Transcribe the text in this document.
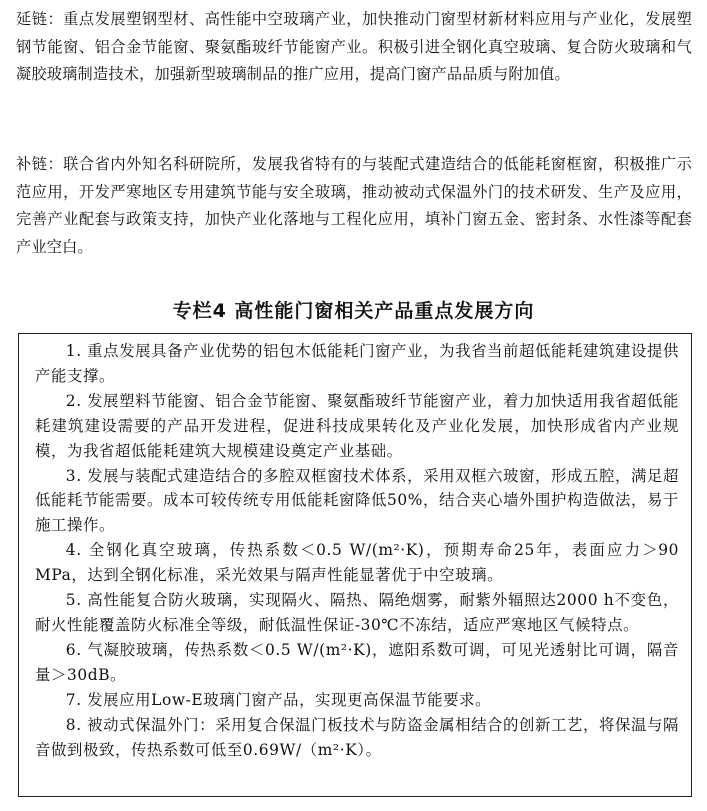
延链：重点发展塑钢型材、高性能中空玻璃产业，加快推动门窗型材新材料应用与产业化，发展塑钢节能窗、铝合金节能窗、聚氨酯玻纤节能窗产业。积极引进全钢化真空玻璃、复合防火玻璃和气凝胶玻璃制造技术，加强新型玻璃制品的推广应用，提高门窗产品品质与附加值。

补链：联合省内外知名科研院所，发展我省特有的与装配式建造结合的低能耗窗框窗，积极推广示范应用，开发严寒地区专用建筑节能与安全玻璃，推动被动式保温外门的技术研发、生产及应用，完善产业配套与政策支持，加快产业化落地与工程化应用，填补门窗五金、密封条、水性漆等配套产业空白。

专栏4 高性能门窗相关产品重点发展方向

1. 重点发展具备产业优势的铝包木低能耗门窗产业，为我省当前超低能耗建筑建设提供产能支撑。

2. 发展塑料节能窗、铝合金节能窗、聚氨酯玻纤节能窗产业，着力加快适用我省超低能耗建筑建设需要的产品开发进程，促进科技成果转化及产业化发展，加快形成省内产业规模，为我省超低能耗建筑大规模建设奠定产业基础。

3. 发展与装配式建造结合的多腔双框窗技术体系，采用双框六玻窗，形成五腔，满足超低能耗节能需要。成本可较传统专用低能耗窗降低50%，结合夹心墙外围护构造做法，易于施工操作。

4. 全钢化真空玻璃，传热系数＜0.5 W/(m²·K)，预期寿命25年，表面应力＞90 MPa，达到全钢化标准，采光效果与隔声性能显著优于中空玻璃。

5. 高性能复合防火玻璃，实现隔火、隔热、隔绝烟雾，耐紫外辐照达2000 h不变色，耐火性能覆盖防火标准全等级，耐低温性保证-30℃不冻结，适应严寒地区气候特点。

6. 气凝胶玻璃，传热系数＜0.5 W/(m²·K)，遮阳系数可调，可见光透射比可调，隔音量＞30dB。

7. 发展应用Low-E玻璃门窗产品，实现更高保温节能要求。

8. 被动式保温外门：采用复合保温门板技术与防盗金属相结合的创新工艺，将保温与隔音做到极致，传热系数可低至0.69W/（m²·K）。
